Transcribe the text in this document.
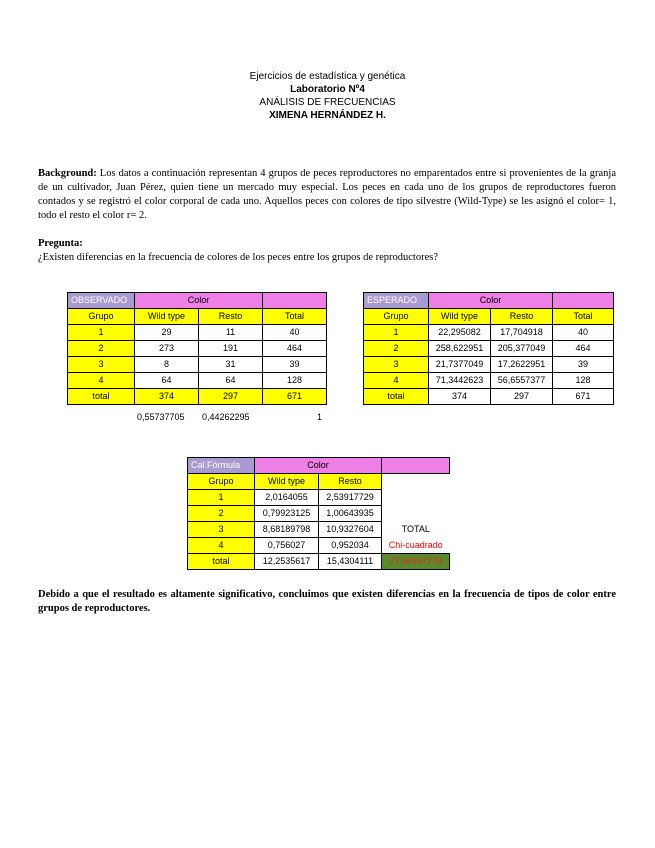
Ejercicios de estadística y genética
Laboratorio Nº4
ANÁLISIS DE FRECUENCIAS
XIMENA HERNÁNDEZ H.
Background: Los datos a continuación representan 4 grupos de peces reproductores no emparentados entre si provenientes de la granja de un cultivador, Juan Pérez, quien tiene un mercado muy especial. Los peces en cada uno de los grupos de reproductores fueron contados y se registró el color corporal de cada uno. Aquellos peces con colores de tipo silvestre (Wild-Type) se les asignó el color= 1, todo el resto el color r= 2.
Pregunta:
¿Existen diferencias en la frecuencia de colores de los peces entre los grupos de reproductores?
OBSERVADO	Color		
Grupo	Wild type	Resto	Total
1	29	11	40
2	273	191	464
3	8	31	39
4	64	64	128
total	374	297	671
0,55737705 0,44262295	1
ESPERADO	Color		
Grupo	Wild type	Resto	Total
1	22,295082	17,704918	40
2	258,622951	205,377049	464
3	21,7377049	17,2622951	39
4	71,3442623	56,6557377	128
total	374	297	671
Cal.Fórmula	Color		
Grupo	Wild type	Resto	
1	2,0164055	2,53917729	
2	0,79923125	1,00643935	
3	8,68189798	10,9327604	TOTAL
4	0,756027	0,952034	Chi-cuadrado
total	12,2535617	15,4304111	27,68397278
Debido a que el resultado es altamente significativo, concluimos que existen diferencias en la frecuencia de tipos de color entre grupos de reproductores.
